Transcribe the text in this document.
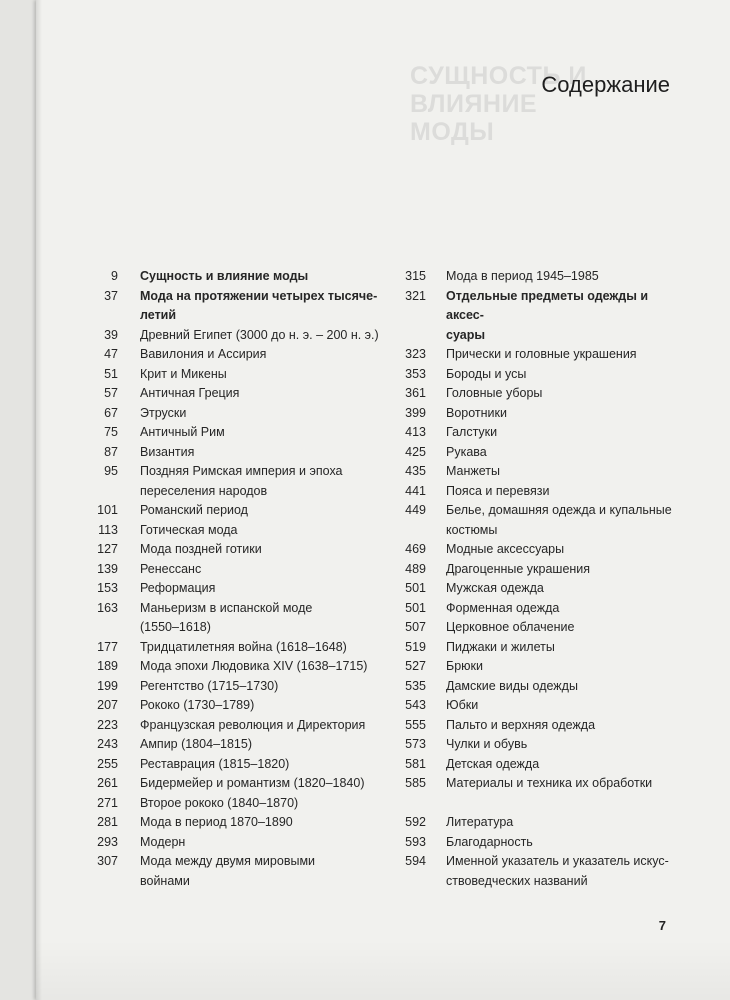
СУЩНОСТЬ И ВЛИЯНИЕ
МОДЫ
Содержание
9 Сущность и влияние моды
37 Мода на протяжении четырех тысяче-
летий
39 Древний Египет (3000 до н. э. – 200 н. э.)
47 Вавилония и Ассирия
51 Крит и Микены
57 Античная Греция
67 Этруски
75 Античный Рим
87 Византия
95 Поздняя Римская империя и эпоха
переселения народов
101 Романский период
113 Готическая мода
127 Мода поздней готики
139 Ренессанс
153 Реформация
163 Маньеризм в испанской моде
(1550–1618)
177 Тридцатилетняя война (1618–1648)
189 Мода эпохи Людовика XIV (1638–1715)
199 Регентство (1715–1730)
207 Рококо (1730–1789)
223 Французская революция и Директория
243 Ампир (1804–1815)
255 Реставрация (1815–1820)
261 Бидермейер и романтизм (1820–1840)
271 Второе рококо (1840–1870)
281 Мода в период 1870–1890
293 Модерн
307 Мода между двумя мировыми
войнами
315 Мода в период 1945–1985
321 Отдельные предметы одежды и аксес-
суары
323 Прически и головные украшения
353 Бороды и усы
361 Головные уборы
399 Воротники
413 Галстуки
425 Рукава
435 Манжеты
441 Пояса и перевязи
449 Белье, домашняя одежда и купальные
костюмы
469 Модные аксессуары
489 Драгоценные украшения
501 Мужская одежда
501 Форменная одежда
507 Церковное облачение
519 Пиджаки и жилеты
527 Брюки
535 Дамские виды одежды
543 Юбки
555 Пальто и верхняя одежда
573 Чулки и обувь
581 Детская одежда
585 Материалы и техника их обработки
592 Литература
593 Благодарность
594 Именной указатель и указатель искус-
ствоведческих названий
7
